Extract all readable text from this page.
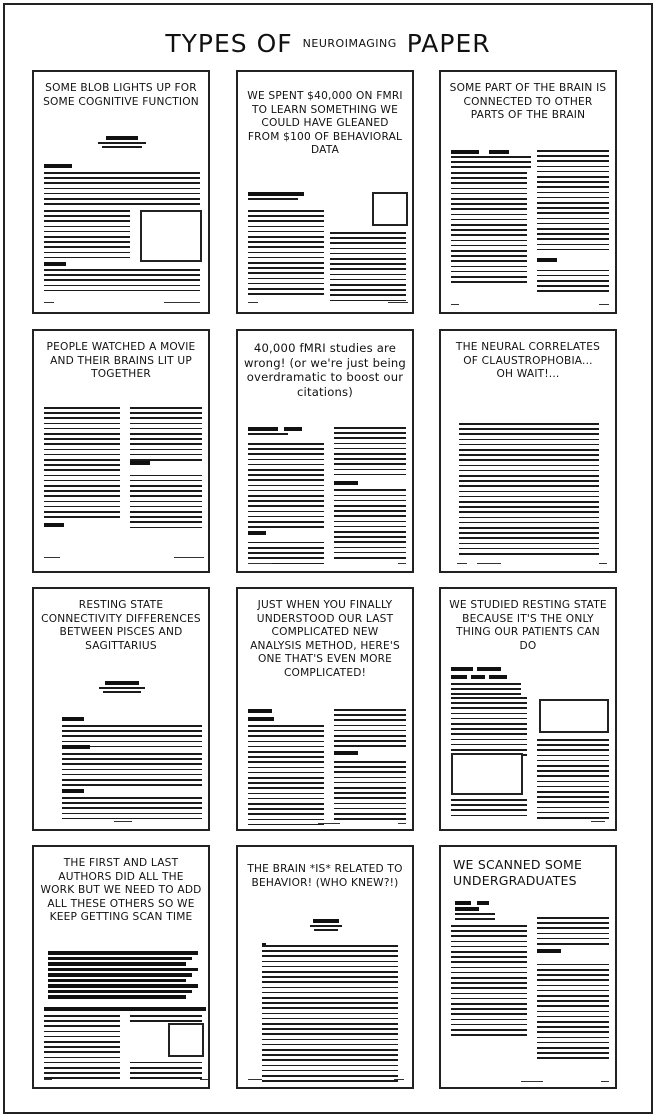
TYPES OF $^{NEUROIMAGING}$ PAPER
SOME BLOB LIGHTS UP FOR SOME COGNITIVE FUNCTION	WE SPENT $40,000 ON FMRI TO LEARN SOMETHING WE COULD HAVE GLEANED FROM $100 OF BEHAVIORAL DATA
SOME PART OF THE BRAIN IS CONNECTED TO OTHER PARTS OF THE BRAIN
PEOPLE WATCHED A MOVIE AND THEIR BRAINS LIT UP TOGETHER
40,000 fMRI studies are wrong! (or we're just being overdramatic to boost our citations)
THE NEURAL CORRELATES OF CLAUSTROPHOBIA... OH WAIT!...
RESTING STATE CONNECTIVITY DIFFERENCES BETWEEN PISCES AND SAGITTARIUS
JUST WHEN YOU FINALLY UNDERSTOOD OUR LAST COMPLICATED NEW ANALYSIS METHOD, HERE'S ONE THAT'S EVEN MORE COMPLICATED!
WE STUDIED RESTING STATE BECAUSE IT'S THE ONLY THING OUR PATIENTS CAN DO
THE FIRST AND LAST AUTHORS DID ALL THE WORK BUT WE NEED TO ADD ALL THESE OTHERS SO WE KEEP GETTING SCAN TIME
THE BRAIN *IS* RELATED TO BEHAVIOR! (WHO KNEW?!)
WE SCANNED SOME UNDERGRADUATES
